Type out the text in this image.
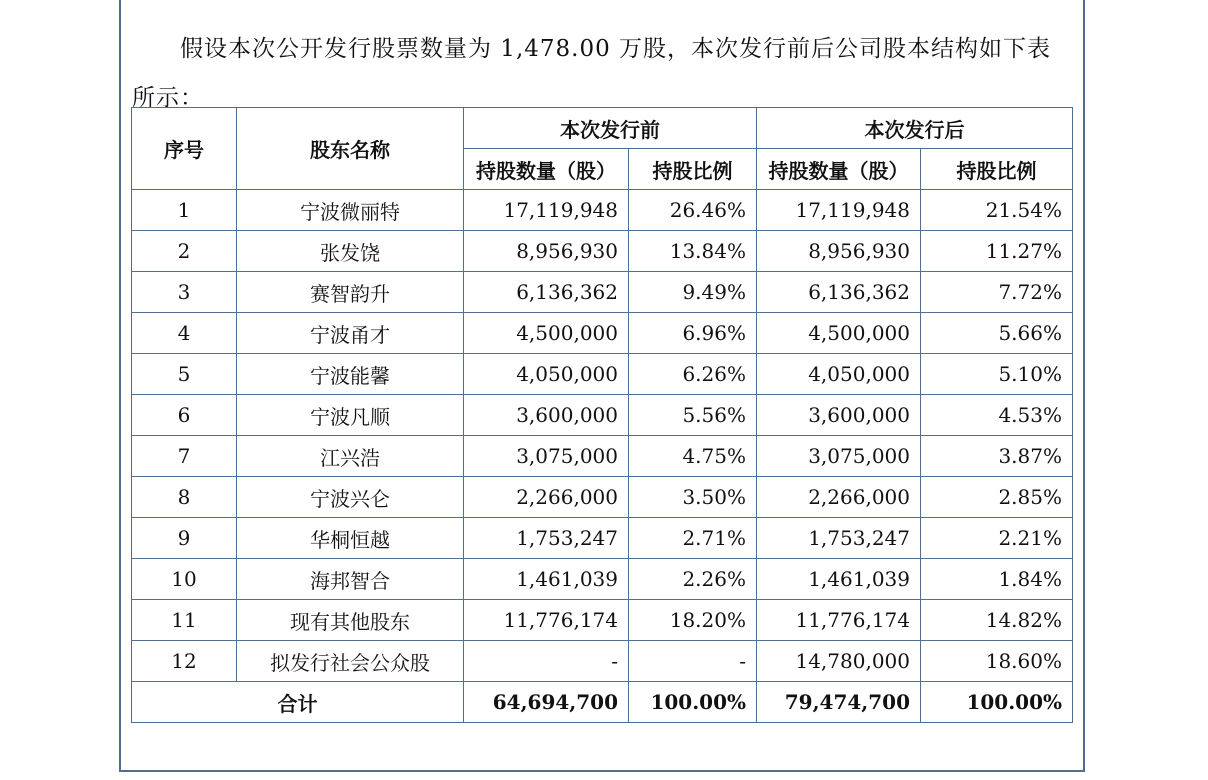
假设本次公开发行股票数量为 1,478.00 万股，本次发行前后公司股本结构如下表所示：

序号	股东名称	本次发行前		本次发行后	
		持股数量（股）	持股比例	持股数量（股）	持股比例
1	宁波微丽特	17,119,948	26.46%	17,119,948	21.54%
2	张发饶	8,956,930	13.84%	8,956,930	11.27%
3	赛智韵升	6,136,362	9.49%	6,136,362	7.72%
4	宁波甬才	4,500,000	6.96%	4,500,000	5.66%
5	宁波能馨	4,050,000	6.26%	4,050,000	5.10%
6	宁波凡顺	3,600,000	5.56%	3,600,000	4.53%
7	江兴浩	3,075,000	4.75%	3,075,000	3.87%
8	宁波兴仑	2,266,000	3.50%	2,266,000	2.85%
9	华桐恒越	1,753,247	2.71%	1,753,247	2.21%
10	海邦智合	1,461,039	2.26%	1,461,039	1.84%
11	现有其他股东	11,776,174	18.20%	11,776,174	14.82%
12	拟发行社会公众股	-	-	14,780,000	18.60%
合计		64,694,700	100.00%	79,474,700	100.00%
